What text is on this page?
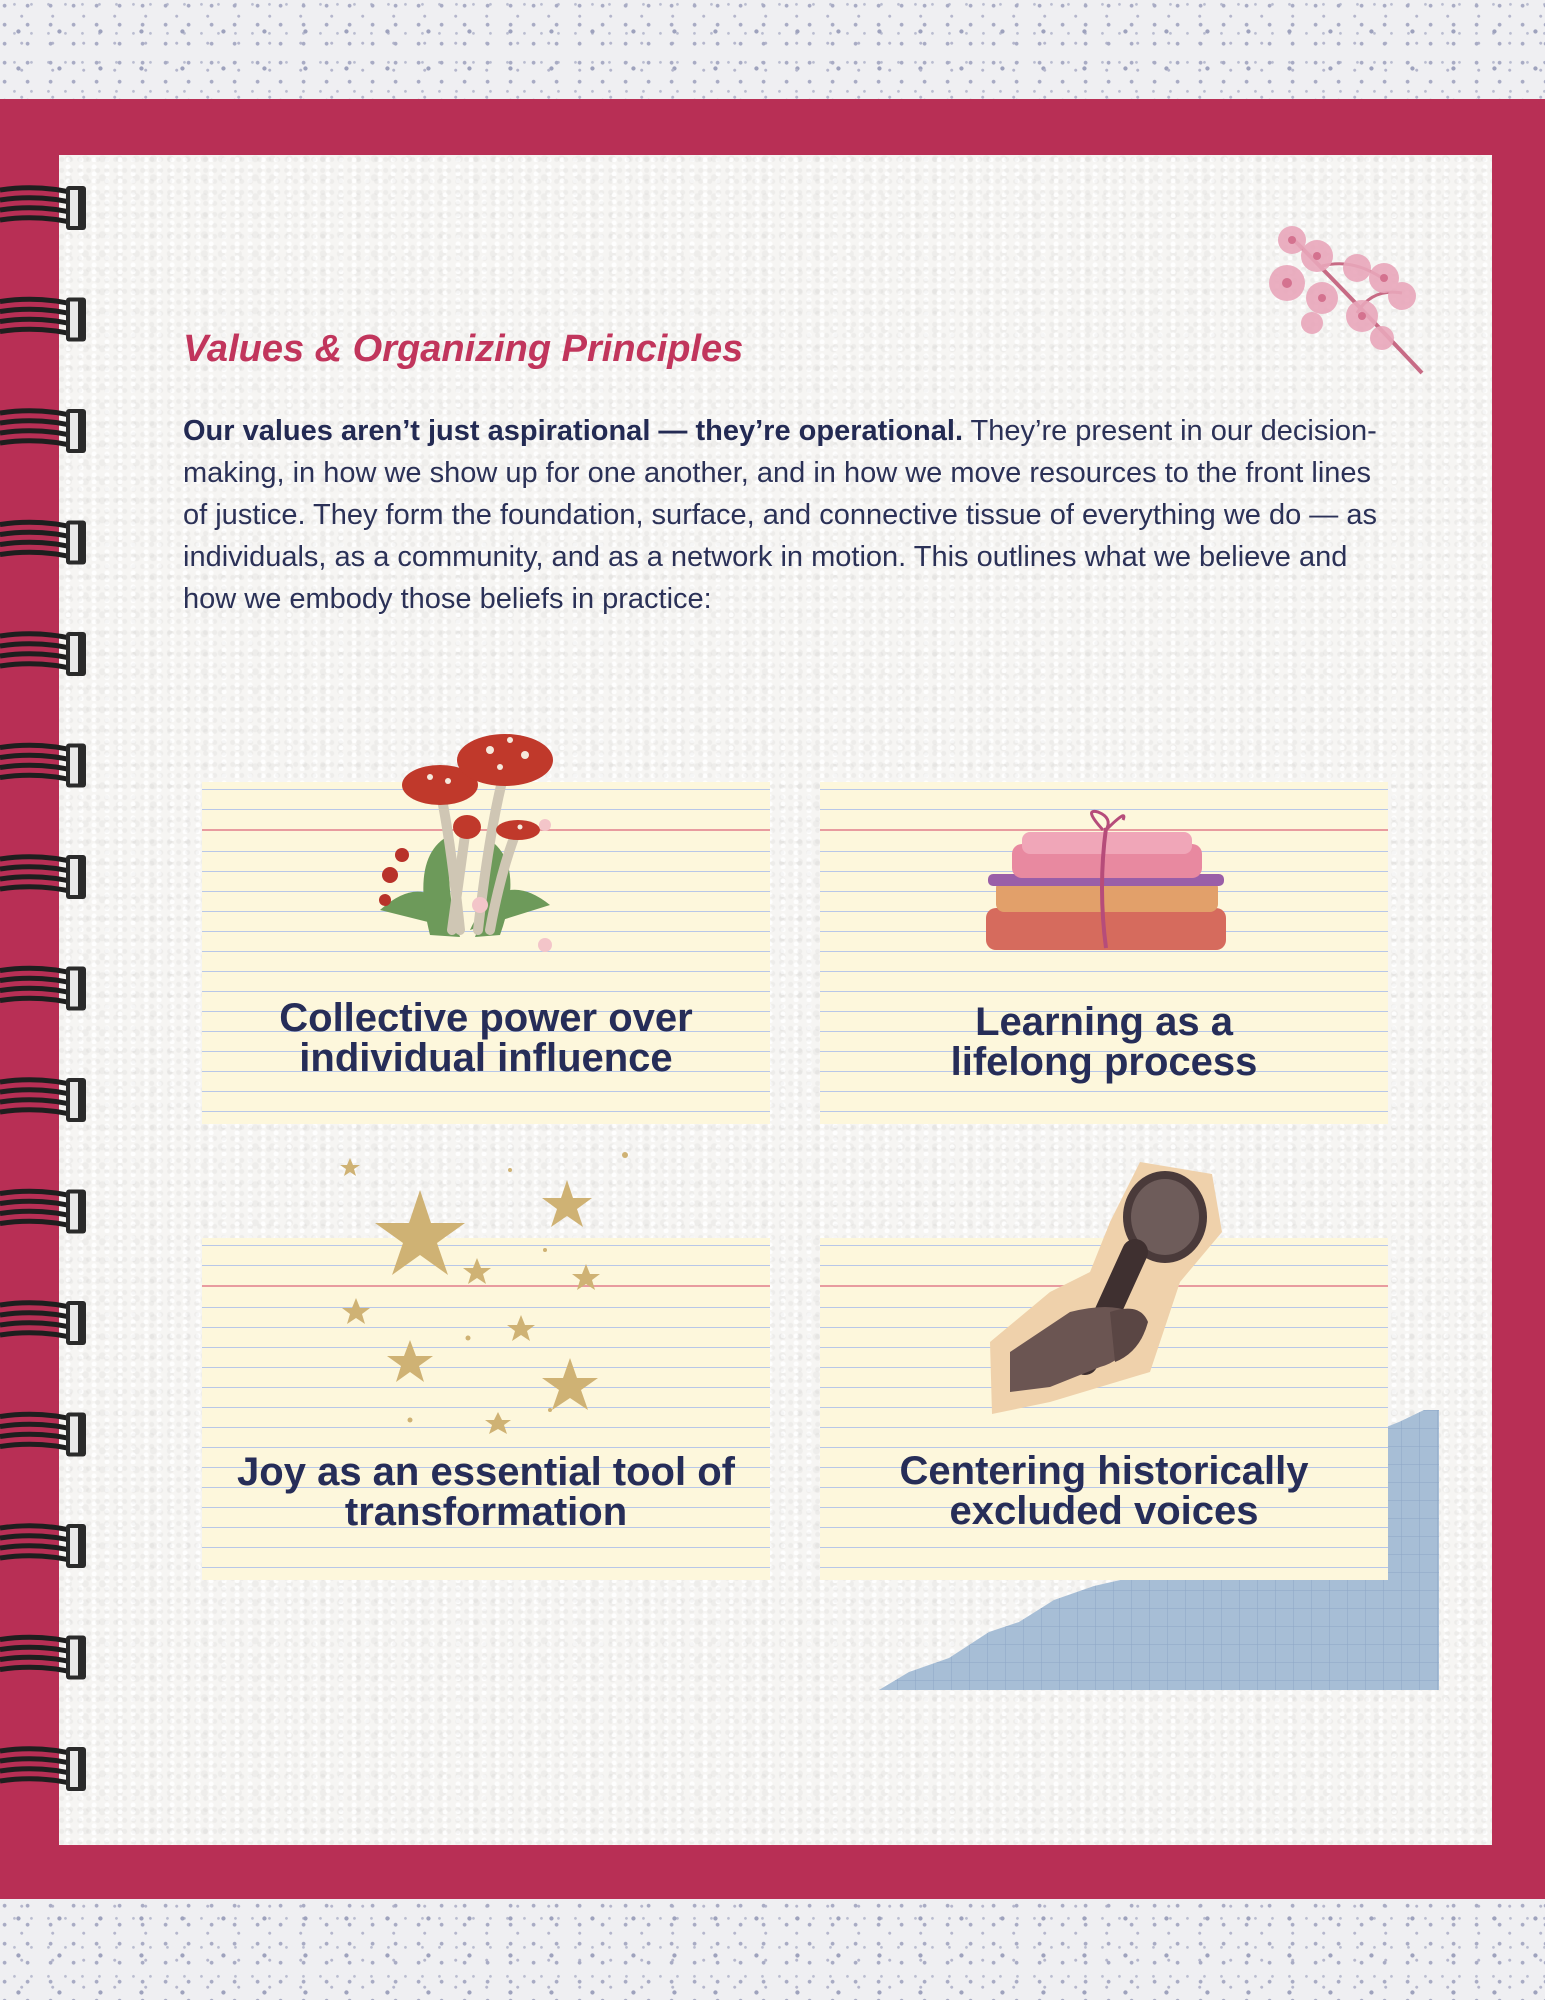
Values & Organizing Principles

Our values aren’t just aspirational — they’re operational. They’re present in our decision-making, in how we show up for one another, and in how we move resources to the front lines of justice. They form the foundation, surface, and connective tissue of everything we do — as individuals, as a community, and as a network in motion. This outlines what we believe and how we embody those beliefs in practice:

Collective power over
individual influence
Learning as a
lifelong process
Joy as an essential tool of
transformation
Centering historically
excluded voices
